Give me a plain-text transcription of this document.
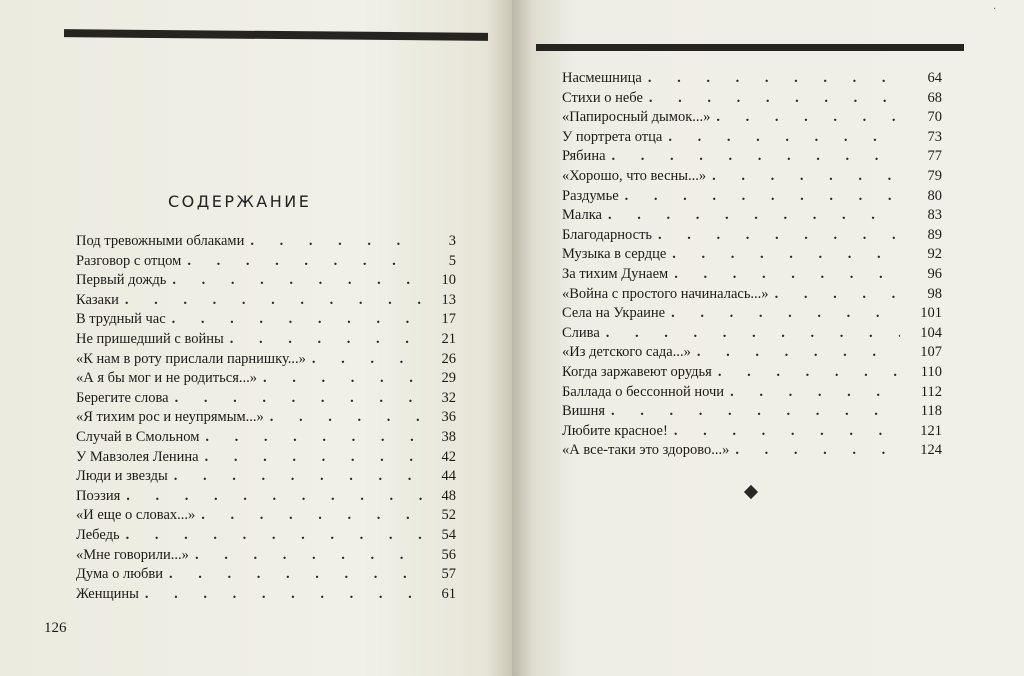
СОДЕРЖАНИЕ
Под тревожными облаками . . .	3
Разговор с отцом . . .	5
Первый дождь . . .	10
Казаки . . .	13
В трудный час . . .	17
Не пришедший с войны . . .	21
«К нам в роту прислали парнишку...» . . .	26
«А я бы мог и не родиться...» . . .	29
Берегите слова . . .	32
«Я тихим рос и неупрямым...» . . .	36
Случай в Смольном . . .	38
У Мавзолея Ленина . . .	42
Люди и звезды . . .	44
Поэзия . . .	48
«И еще о словах...» . . .	52
Лебедь . . .	54
«Мне говорили...» . . .	56
Дума о любви . . .	57
Женщины . . .	61
126
Насмешница . . .	64
Стихи о небе . . .	68
«Папиросный дымок...» . . .	70
У портрета отца . . .	73
Рябина . . .	77
«Хорошо, что весны...» . . .	79
Раздумье . . .	80
Малка . . .	83
Благодарность . . .	89
Музыка в сердце . . .	92
За тихим Дунаем . . .	96
«Война с простого начиналась...» . . .	98
Села на Украине . . .	101
Слива . . .	104
«Из детского сада...» . . .	107
Когда заржавеют орудья . . .	110
Баллада о бессонной ночи . . .	112
Вишня . . .	118
Любите красное! . . .	121
«А все-таки это здорово...» . . .	124
·
